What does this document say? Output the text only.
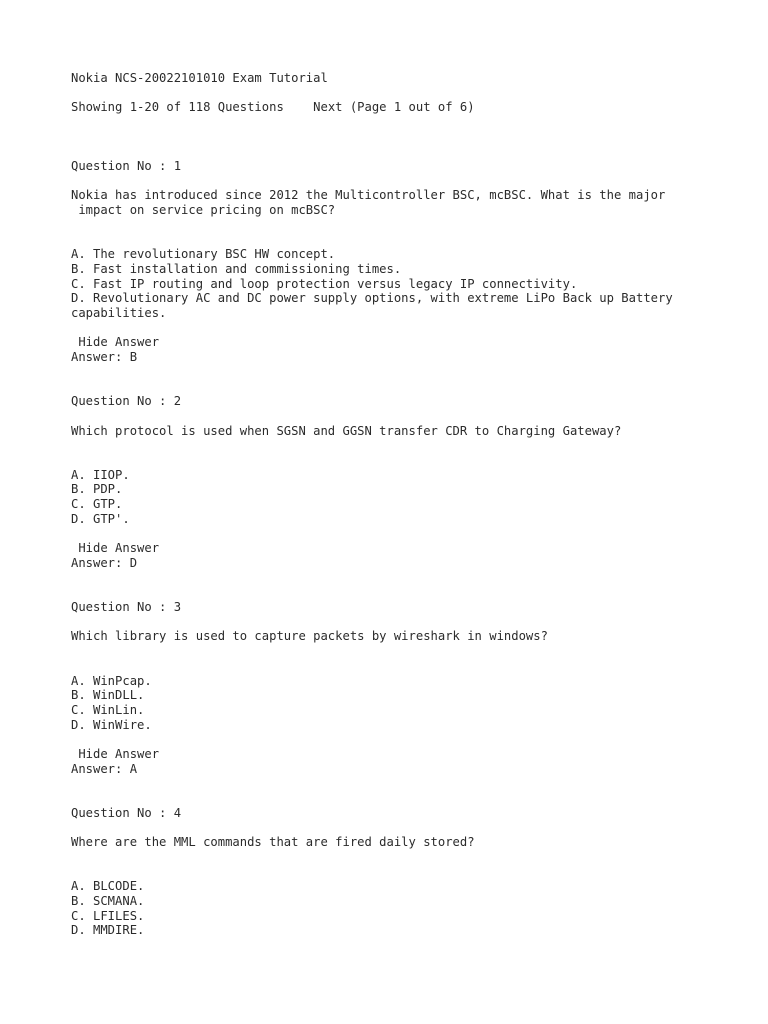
Nokia NCS-20022101010 Exam Tutorial
Showing 1-20 of 118 Questions Next (Page 1 out of 6)
Question No : 1
Nokia has introduced since 2012 the Multicontroller BSC, mcBSC. What is the major
impact on service pricing on mcBSC?
A. The revolutionary BSC HW concept.
B. Fast installation and commissioning times.
C. Fast IP routing and loop protection versus legacy IP connectivity.
D. Revolutionary AC and DC power supply options, with extreme LiPo Back up Battery
capabilities.
Hide Answer
Answer: B
Question No : 2
Which protocol is used when SGSN and GGSN transfer CDR to Charging Gateway?
A. IIOP.
B. PDP.
C. GTP.
D. GTP'.
Hide Answer
Answer: D
Question No : 3
Which library is used to capture packets by wireshark in windows?
A. WinPcap.
B. WinDLL.
C. WinLin.
D. WinWire.
Hide Answer
Answer: A
Question No : 4
Where are the MML commands that are fired daily stored?
A. BLCODE.
B. SCMANA.
C. LFILES.
D. MMDIRE.
